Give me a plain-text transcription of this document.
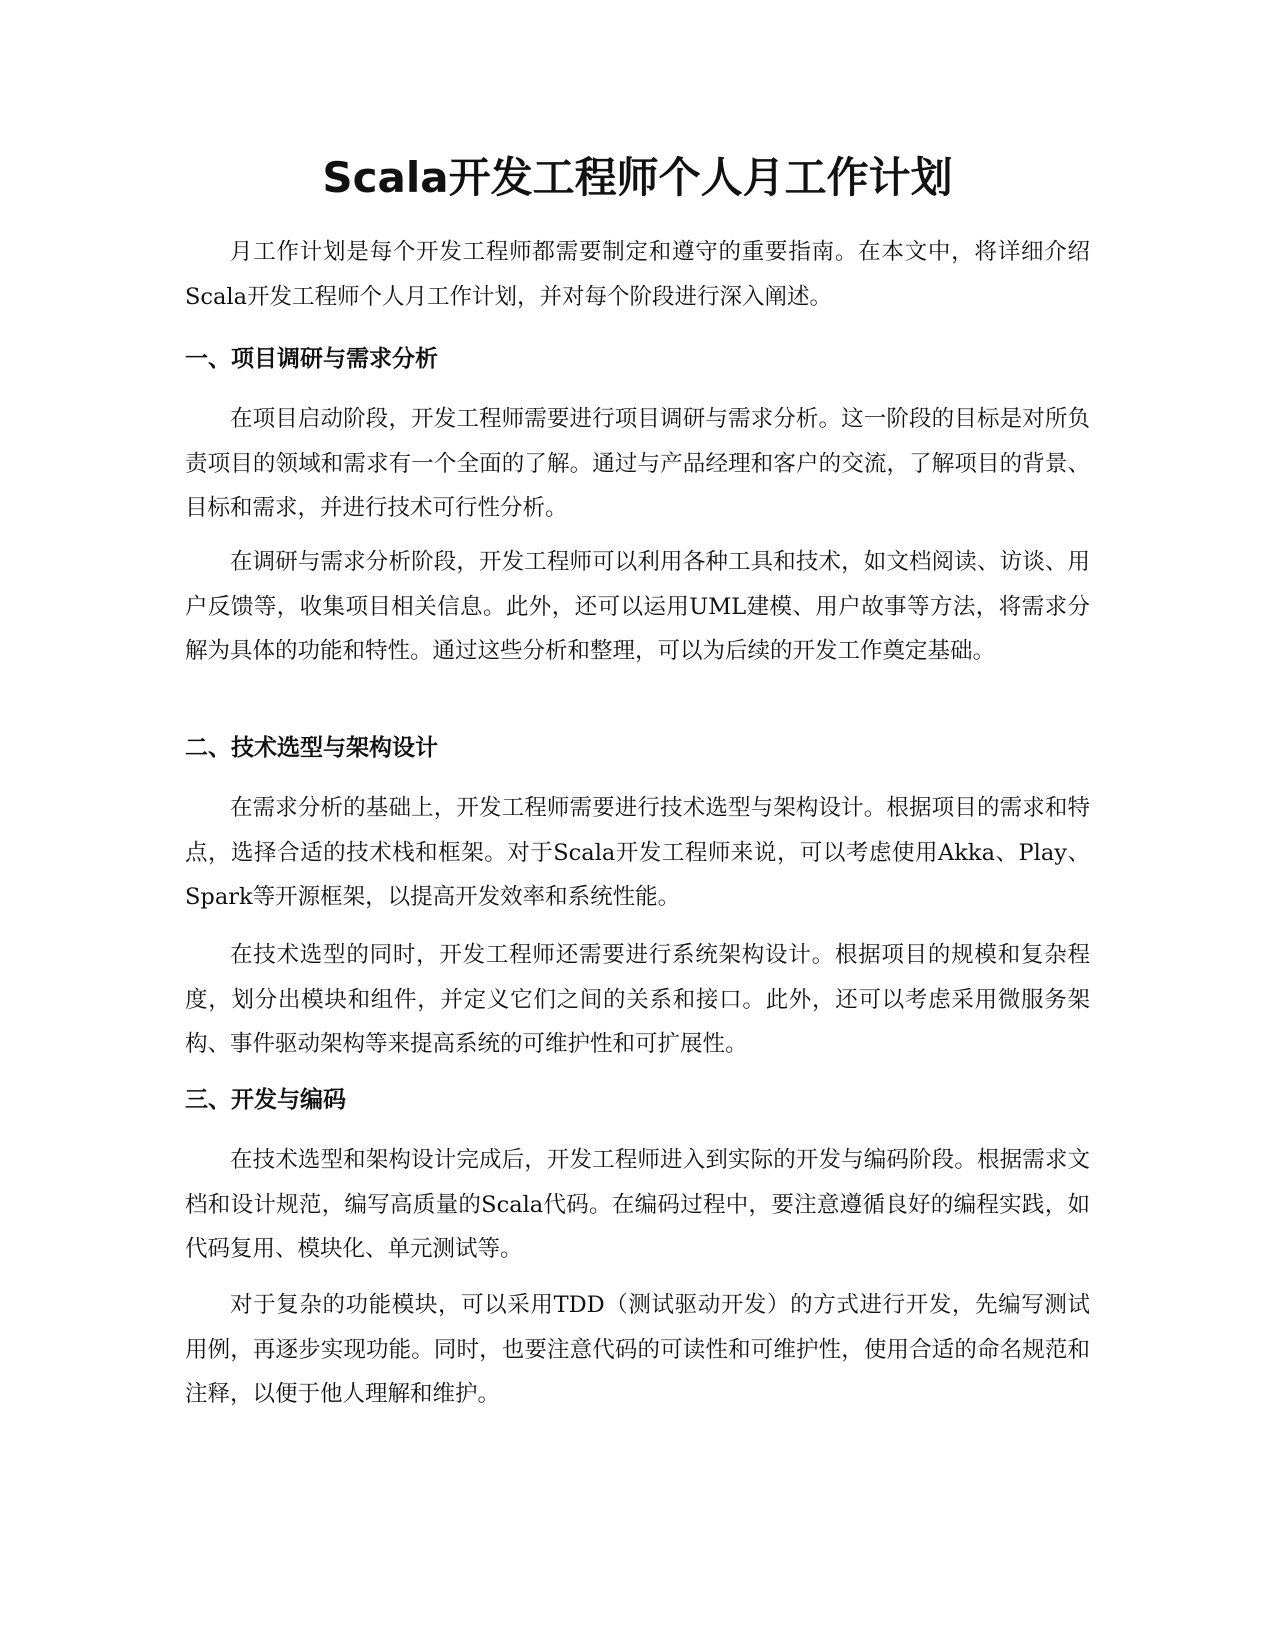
Scala开发工程师个人月工作计划

月工作计划是每个开发工程师都需要制定和遵守的重要指南。在本文中，将详细介绍Scala开发工程师个人月工作计划，并对每个阶段进行深入阐述。

一、项目调研与需求分析

在项目启动阶段，开发工程师需要进行项目调研与需求分析。这一阶段的目标是对所负责项目的领域和需求有一个全面的了解。通过与产品经理和客户的交流，了解项目的背景、目标和需求，并进行技术可行性分析。

在调研与需求分析阶段，开发工程师可以利用各种工具和技术，如文档阅读、访谈、用户反馈等，收集项目相关信息。此外，还可以运用UML建模、用户故事等方法，将需求分解为具体的功能和特性。通过这些分析和整理，可以为后续的开发工作奠定基础。

二、技术选型与架构设计

在需求分析的基础上，开发工程师需要进行技术选型与架构设计。根据项目的需求和特点，选择合适的技术栈和框架。对于Scala开发工程师来说，可以考虑使用Akka、Play、Spark等开源框架，以提高开发效率和系统性能。

在技术选型的同时，开发工程师还需要进行系统架构设计。根据项目的规模和复杂程度，划分出模块和组件，并定义它们之间的关系和接口。此外，还可以考虑采用微服务架构、事件驱动架构等来提高系统的可维护性和可扩展性。

三、开发与编码

在技术选型和架构设计完成后，开发工程师进入到实际的开发与编码阶段。根据需求文档和设计规范，编写高质量的Scala代码。在编码过程中，要注意遵循良好的编程实践，如代码复用、模块化、单元测试等。

对于复杂的功能模块，可以采用TDD（测试驱动开发）的方式进行开发，先编写测试用例，再逐步实现功能。同时，也要注意代码的可读性和可维护性，使用合适的命名规范和注释，以便于他人理解和维护。
